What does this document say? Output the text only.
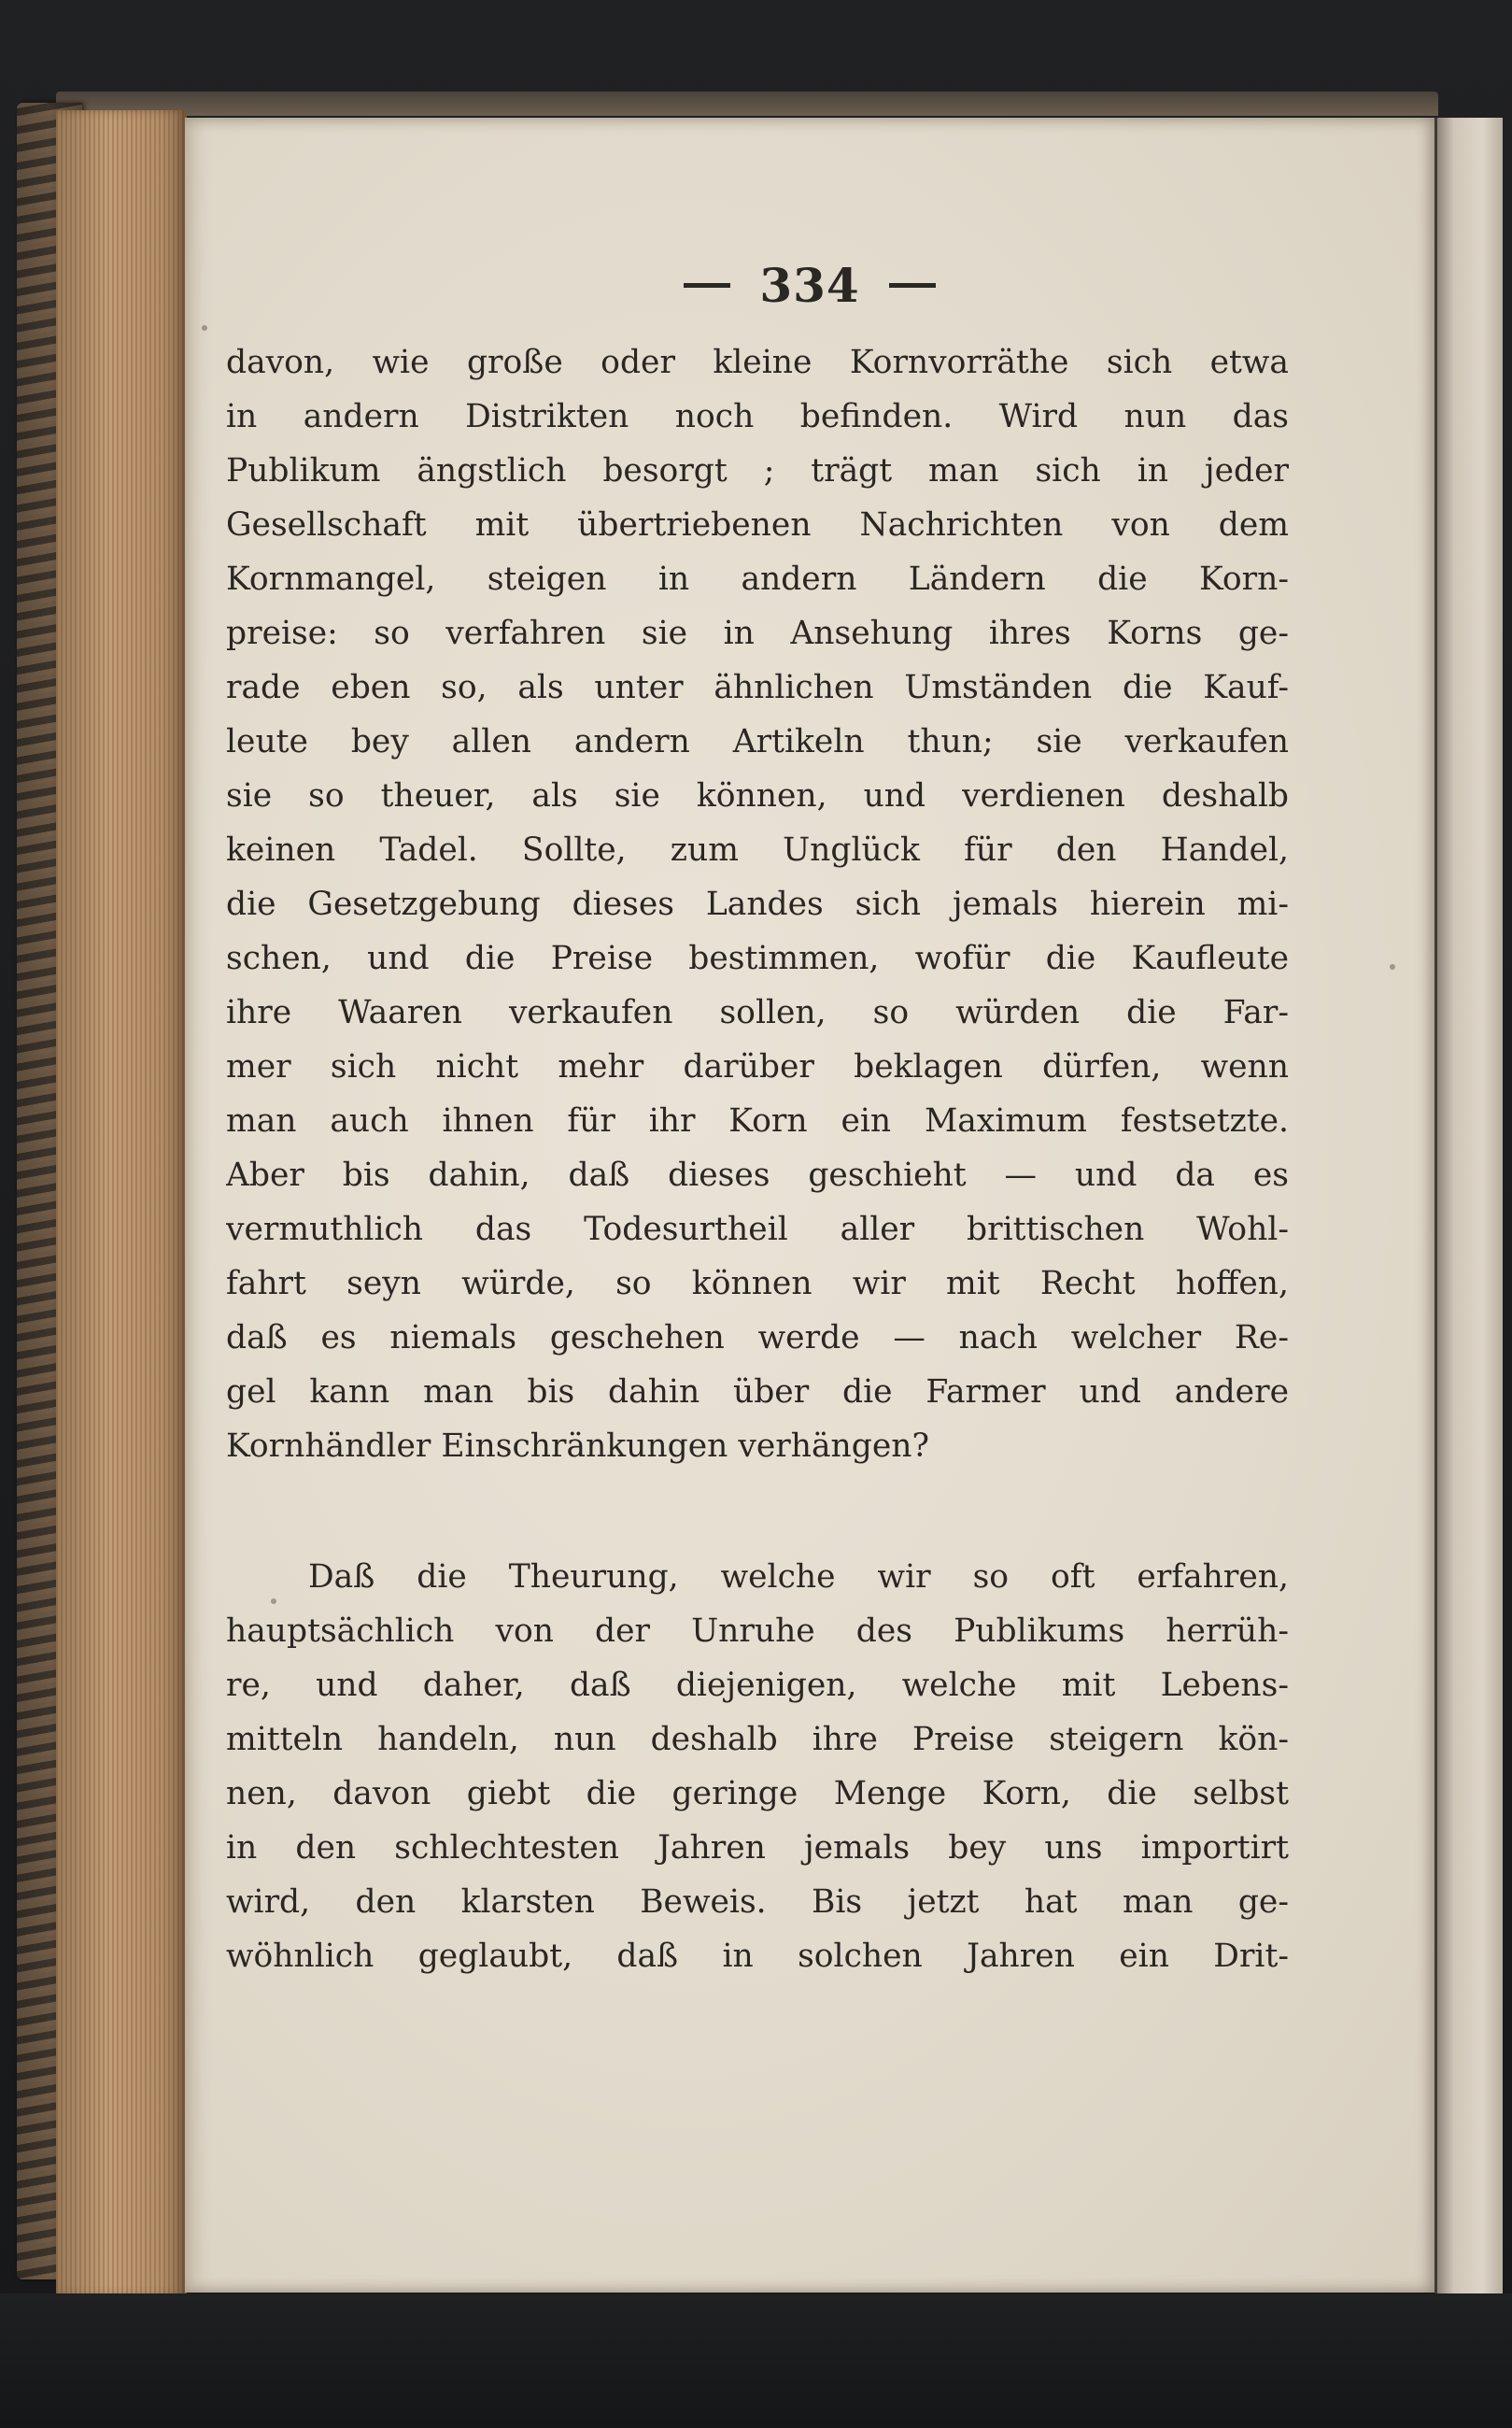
334

davon, wie große oder kleine Kornvorräthe sich etwa

in andern Distrikten noch befinden. Wird nun das

Publikum ängstlich besorgt ; trägt man sich in jeder

Gesellschaft mit übertriebenen Nachrichten von dem

Kornmangel, steigen in andern Ländern die Korn-

preise: so verfahren sie in Ansehung ihres Korns ge-

rade eben so, als unter ähnlichen Umständen die Kauf-

leute bey allen andern Artikeln thun; sie verkaufen

sie so theuer, als sie können, und verdienen deshalb

keinen Tadel. Sollte, zum Unglück für den Handel,

die Gesetzgebung dieses Landes sich jemals hierein mi-

schen, und die Preise bestimmen, wofür die Kaufleute

ihre Waaren verkaufen sollen, so würden die Far-

mer sich nicht mehr darüber beklagen dürfen, wenn

man auch ihnen für ihr Korn ein Maximum festsetzte.

Aber bis dahin, daß dieses geschieht — und da es

vermuthlich das Todesurtheil aller brittischen Wohl-

fahrt seyn würde, so können wir mit Recht hoffen,

daß es niemals geschehen werde — nach welcher Re-

gel kann man bis dahin über die Farmer und andere

Kornhändler Einschränkungen verhängen?

Daß die Theurung, welche wir so oft erfahren,

hauptsächlich von der Unruhe des Publikums herrüh-

re, und daher, daß diejenigen, welche mit Lebens-

mitteln handeln, nun deshalb ihre Preise steigern kön-

nen, davon giebt die geringe Menge Korn, die selbst

in den schlechtesten Jahren jemals bey uns importirt

wird, den klarsten Beweis. Bis jetzt hat man ge-

wöhnlich geglaubt, daß in solchen Jahren ein Drit-
